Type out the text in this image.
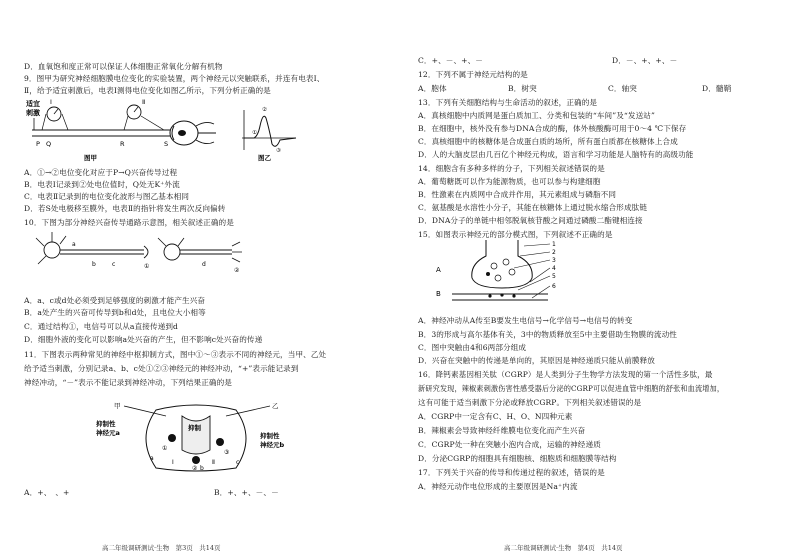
D．血氧饱和度正常可以保证人体细胞正常氧化分解有机物
9．图甲为研究神经细胞膜电位变化的实验装置，两个神经元以突触联系，并连有电表Ⅰ、
Ⅱ，给予适宜刺激后，电表Ⅰ测得电位变化如图乙所示，下列分析正确的是
适宜
刺激
Ⅰ	Ⅱ
P Q	R	S
图甲
①
②
③
图乙
A．①→②电位变化对应于P→Q兴奋传导过程
B．电表Ⅰ记录到②处电位值时，Q处无K⁺外流
C．电表Ⅱ记录到的电位变化波形与图乙基本相同
D．若S处电极移至膜外，电表Ⅱ的指针将发生两次反向偏转
10．下图为部分神经兴奋传导通路示意图，相关叙述正确的是
a
b	c	①	d
②
A．a、c或d处必须受到足够强度的刺激才能产生兴奋
B．a处产生的兴奋可传导到b和d处，且电位大小相等
C．通过结构①，电信号可以从a直接传递到d
D．细胞外液的变化可以影响a处兴奋的产生，但不影响c处兴奋的传递
11．下图表示两种常见的神经中枢抑制方式，图中①～③表示不同的神经元，当甲、乙处
给予适当刺激，分别记录a、b、c处①②③神经元的神经冲动，“+”表示能记录到
神经冲动，“－”表示不能记录到神经冲动，下列结果正确的是
抑制
甲	乙
抑制性
神经元a	抑制性
神经元b
①
②
③
Ⅰ	Ⅱ
a
b
c
A．+、　、+	B．+、+、－、－
高二年级调研测试·生物　第3页　共14页
C．+、－、+、－	D．－、+、+、－
12．下列不属于神经元结构的是
A．胞体	B．树突	C．轴突	D．髓鞘
13．下列有关细胞结构与生命活动的叙述，正确的是
A．真核细胞中内质网是蛋白质加工、分类和包装的“车间”及“发送站”
B．在细胞中，核外没有参与DNA合成的酶，体外核酸酶可用于0～4 ℃下保存
C．真核细胞中的核糖体是合成蛋白质的场所，所有蛋白质都在核糖体上合成
D．人的大脑皮层由几百亿个神经元构成，语言和学习功能是人脑特有的高级功能
14．细胞含有多种多样的分子，下列相关叙述错误的是
A．葡萄糖既可以作为能源物质，也可以参与构建细胞
B．性激素在内质网中合成并作用，其元素组成与磷脂不同
C．氨基酸是水溶性小分子，其能在核糖体上通过脱水缩合形成肽链
D．DNA分子的单链中相邻脱氧核苷酸之间通过磷酸二酯键相连接
15．如图表示神经元的部分模式图，下列叙述不正确的是
A
B
1
2
3
4
5
6
A．神经冲动从A传至B要发生电信号→化学信号→电信号的转变
B．3的形成与高尔基体有关，3中的物质释放至5中主要借助生物膜的流动性
C．图中突触由4和6两部分组成
D．兴奋在突触中的传递是单向的，其原因是神经递质只能从前膜释放
16．降钙素基因相关肽（CGRP）是人类到分子生物学方法发现的第一个活性多肽，最
新研究发现，辣椒素刺激伤害性感受器后分泌的CGRP可以促进血管中细胞的舒张和血流增加，
这有可能于适当刺激下分泌或释放CGRP。下列相关叙述错误的是
A．CGRP中一定含有C、H、O、N四种元素
B．辣椒素会导致神经纤维膜电位变化而产生兴奋
C．CGRP处一种在突触小泡内合成，运输的神经递质
D．分泌CGRP的细胞具有细胞核、细胞质和细胞膜等结构
17．下列关于兴奋的传导和传递过程的叙述，错误的是
A．神经元动作电位形成的主要原因是Na⁺内流
高二年级调研测试·生物　第4页　共14页
